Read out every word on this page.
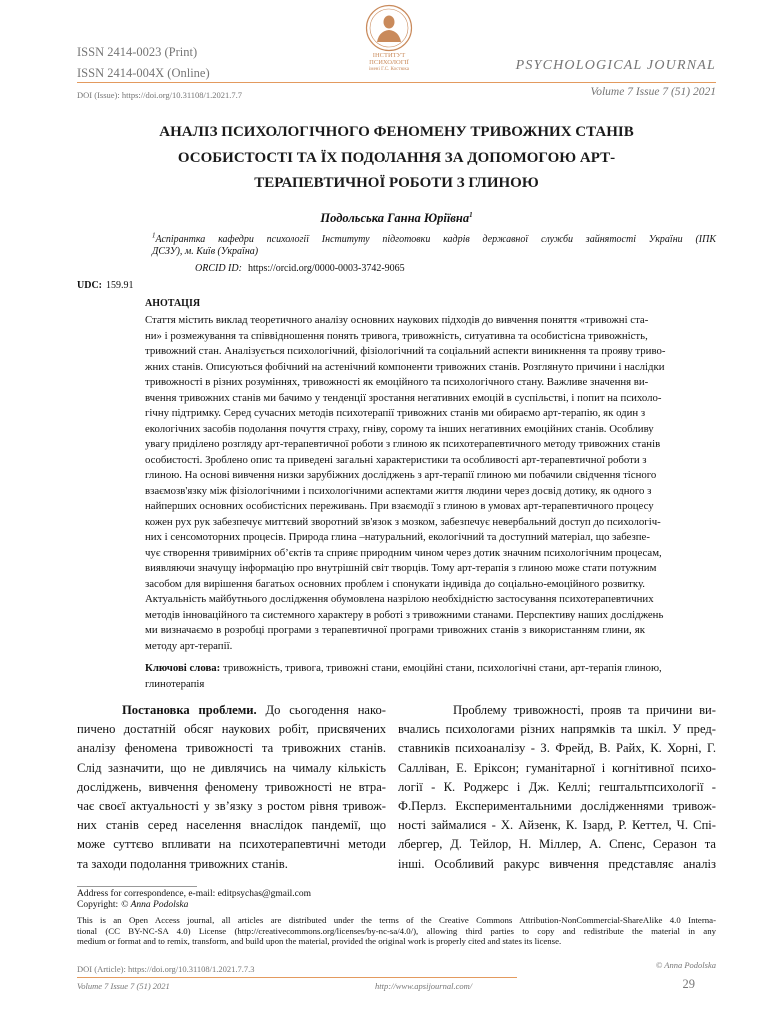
ІНСТИТУТ
ПСИХОЛОГІЇ
імені Г.С. Костюка
ISSN 2414-0023 (Print)
ISSN 2414-004X (Online)
DOI (Issue): https://doi.org/10.31108/1.2021.7.7
PSYCHOLOGICAL JOURNAL
Volume 7 Issue 7 (51) 2021
АНАЛІЗ ПСИХОЛОГІЧНОГО ФЕНОМЕНУ ТРИВОЖНИХ СТАНІВ
ОСОБИСТОСТІ ТА ЇХ ПОДОЛАННЯ ЗА ДОПОМОГОЮ АРТ-
ТЕРАПЕВТИЧНОЇ РОБОТИ З ГЛИНОЮ
Подольська Ганна Юріївна$^1$
$^1$Аспірантка кафедри психології Інституту підготовки кадрів державної служби зайнятості України (ІПК
ДСЗУ), м. Київ (Україна)
ORCID ID: https://orcid.org/0000-0003-3742-9065
UDC: 159.91
АНОТАЦІЯ
Стаття містить виклад теоретичного аналізу основних наукових підходів до вивчення поняття «тривожні ста-
ни» і розмежування та співвідношення понять тривога, тривожність, ситуативна та особистісна тривожність,
тривожний стан. Аналізується психологічний, фізіологічний та соціальний аспекти виникнення та прояву триво-
жних станів. Описуються фобічний на астенічний компоненти тривожних станів. Розглянуто причини і наслідки
тривожності в різних розуміннях, тривожності як емоційного та психологічного стану. Важливе значення ви-
вчення тривожних станів ми бачимо у тенденції зростання негативних емоцій в суспільстві, і попит на психоло-
гічну підтримку. Серед сучасних методів психотерапії тривожних станів ми обираємо арт-терапію, як один з
екологічних засобів подолання почуття страху, гніву, сорому та інших негативних емоційних станів. Особливу
увагу приділено розгляду арт-терапевтичної роботи з глиною як психотерапевтичного методу тривожних станів
особистості. Зроблено опис та приведені загальні характеристики та особливості арт-терапевтичної роботи з
глиною. На основі вивчення низки зарубіжних досліджень з арт-терапії глиною ми побачили свідчення тісного
взаємозв'язку між фізіологічними і психологічними аспектами життя людини через досвід дотику, як одного з
найперших основних особистісних переживань. При взаємодії з глиною в умовах арт-терапевтичного процесу
кожен рух рук забезпечує миттєвий зворотний зв'язок з мозком, забезпечує невербальний доступ до психологіч-
них і сенсомоторних процесів. Природа глина –натуральний, екологічний та доступний матеріал, що забезпе-
чує створення тривимірних об’єктів та сприяє природним чином через дотик значним психологічним процесам,
виявляючи значущу інформацію про внутрішній світ творців. Тому арт-терапія з глиною може стати потужним
засобом для вирішення багатьох основних проблем і спонукати індивіда до соціально-емоційного розвитку.
Актуальність майбутнього дослідження обумовлена назрілою необхідністю застосування психотерапевтичних
методів інноваційного та системного характеру в роботі з тривожними станами. Перспективу наших досліджень
ми визначаємо в розробці програми з терапевтичної програми тривожних станів з використанням глини, як
методу арт-терапії.
Ключові слова: тривожність, тривога, тривожні стани, емоційні стани, психологічні стани, арт-терапія глиною,
глинотерапія
Постановка проблеми. До сьогодення нако-
пичено достатній обсяг наукових робіт, присвячених
аналізу феномена тривожності та тривожних станів.
Слід зазначити, що не дивлячись на чималу кількість
досліджень, вивчення феномену тривожності не втра-
чає своєї актуальності у зв’язку з ростом рівня тривож-
них станів серед населення внаслідок пандемії, що
може суттєво впливати на психотерапевтичні методи
та заходи подолання тривожних станів.
Проблему тривожності, прояв та причини ви-
вчались психологами різних напрямків та шкіл. У пред-
ставників психоаналізу - З. Фрейд, В. Райх, К. Хорні, Г.
Салліван, Е. Еріксон; гуманітарної і когнітивної психо-
логії - К. Роджерс і Дж. Келлі; гештальтпсихології -
Ф.Перлз. Експериментальними дослідженнями тривож-
ності займалися - Х. Айзенк, К. Ізард, Р. Кеттел, Ч. Спі-
лбергер, Д. Тейлор, Н. Міллер, А. Спенс, Серазон та
інші. Особливий ракурс вивчення представляє аналіз
Address for correspondence, e-mail: editpsychas@gmail.com
Copyright: © Anna Podolska
This is an Open Access journal, all articles are distributed under the terms of the Creative Commons Attribution-NonCommercial-ShareAlike 4.0 Interna-
tional (CC BY-NC-SA 4.0) License (http://creativecommons.org/licenses/by-nc-sa/4.0/), allowing third parties to copy and redistribute the material in any
medium or format and to remix, transform, and build upon the material, provided the original work is properly cited and states its license.
DOI (Article): https://doi.org/10.31108/1.2021.7.7.3	© Anna Podolska
Volume 7 Issue 7 (51) 2021	http://www.apsijournal.com/	29
